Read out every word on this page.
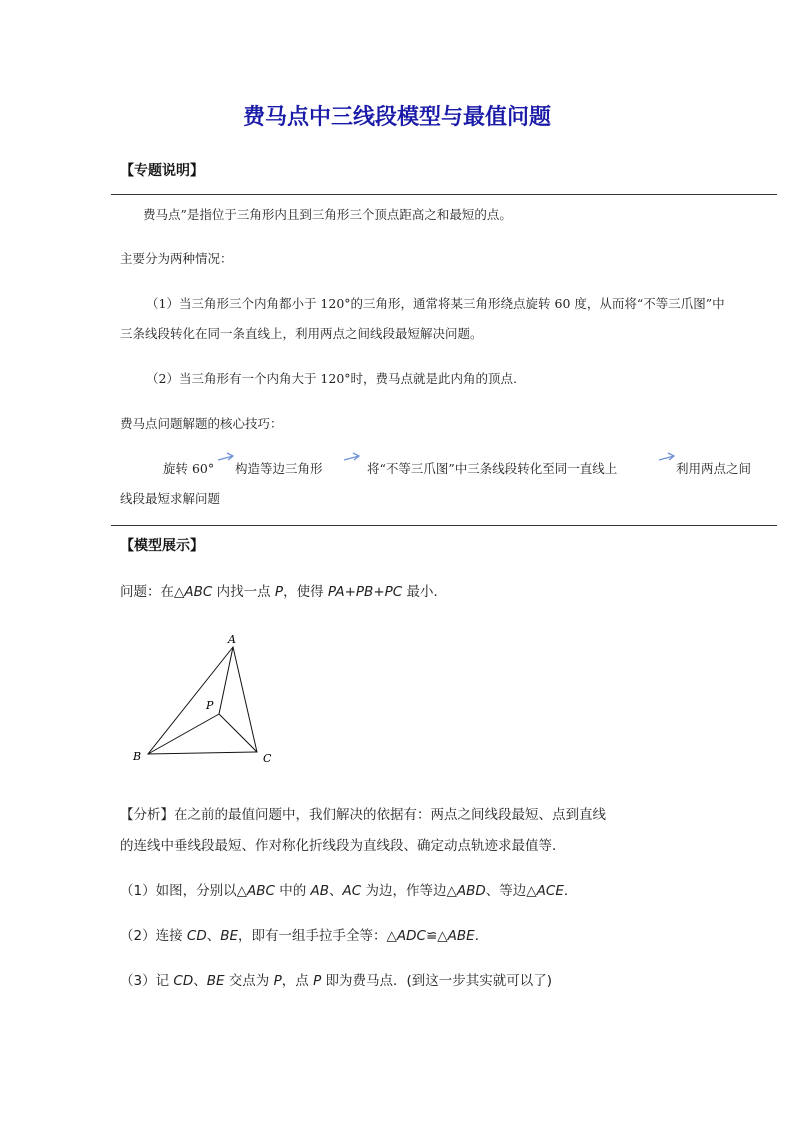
费马点中三线段模型与最值问题
【专题说明】
费马点”是指位于三角形内且到三角形三个顶点距高之和最短的点。
主要分为两种情况：
（1）当三角形三个内角都小于 120°的三角形，通常将某三角形绕点旋转 60 度，从而将“不等三爪图”中
三条线段转化在同一条直线上，利用两点之间线段最短解决问题。
（2）当三角形有一个内角大于 120°时，费马点就是此内角的顶点.
费马点问题解题的核心技巧：
旋转 60° 构造等边三角形	将“不等三爪图”中三条线段转化至同一直线上	利用两点之间
线段最短求解问题
【模型展示】
问题：在△ABC 内找一点 P，使得 PA+PB+PC 最小．
A
P
B	C
【分析】在之前的最值问题中，我们解决的依据有：两点之间线段最短、点到直线
的连线中垂线段最短、作对称化折线段为直线段、确定动点轨迹求最值等．
（1）如图，分别以△ABC 中的 AB、AC 为边，作等边△ABD、等边△ACE．
（2）连接 CD、BE，即有一组手拉手全等：△ADC≌△ABE．
（3）记 CD、BE 交点为 P，点 P 即为费马点．(到这一步其实就可以了)
